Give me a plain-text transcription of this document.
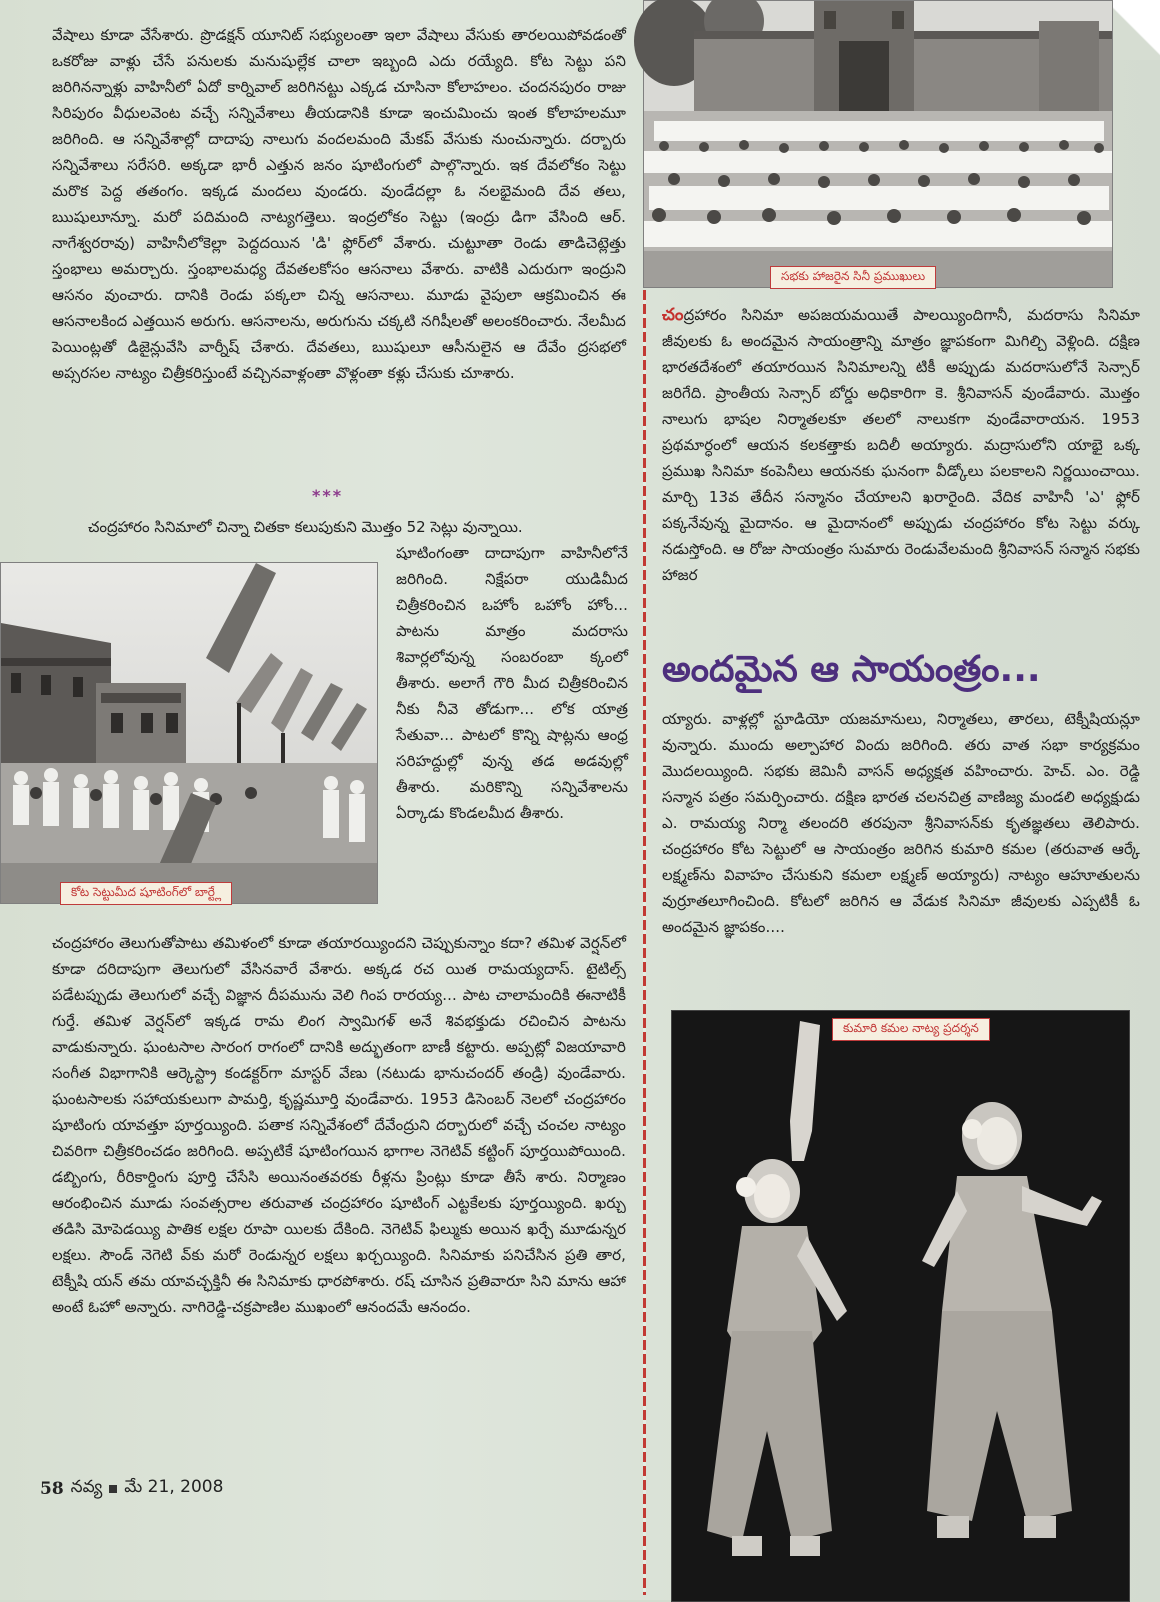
వేషాలు కూడా వేసేశారు. ప్రొడక్షన్ యూనిట్ సభ్యులంతా ఇలా వేషాలు వేసుకు తారలయిపోవడంతో ఒకరోజు వాళ్లు చేసే పనులకు మనుషుల్లేక చాలా ఇబ్బంది ఎదు రయ్యేది. కోట సెట్టు పని జరిగినన్నాళ్లు వాహినీలో ఏదో కార్నివాల్ జరిగినట్టు ఎక్కడ చూసినా కోలాహలం. చందనపురం రాజు సిరిపురం వీధులవెంట వచ్చే సన్నివేశాలు తీయడానికి కూడా ఇంచుమించు ఇంత కోలాహలమూ జరిగింది. ఆ సన్నివేశాల్లో దాదాపు నాలుగు వందలమంది మేకప్ వేసుకు నుంచున్నారు. దర్బారు సన్నివేశాలు సరేసరి. అక్కడా భారీ ఎత్తున జనం షూటింగులో పాల్గొన్నారు. ఇక దేవలోకం సెట్టు మరొక పెద్ద తతంగం. ఇక్కడ మందలు వుండరు. వుండేదల్లా ఓ నలభైమంది దేవ తలు, ఋషులూన్నూ. మరో పదిమంది నాట్యగత్తెలు. ఇంద్రలోకం సెట్టు (ఇంద్రు డిగా వేసింది ఆర్. నాగేశ్వరరావు) వాహినీలోకెల్లా పెద్దదయిన 'డి' ఫ్లోర్‌లో వేశారు. చుట్టూతా రెండు తాడిచెట్లెత్తు స్తంభాలు అమర్చారు. స్తంభాలమధ్య దేవతలకోసం ఆసనాలు వేశారు. వాటికి ఎదురుగా ఇంద్రుని ఆసనం వుంచారు. దానికి రెండు పక్కలా చిన్న ఆసనాలు. మూడు వైపులా ఆక్రమించిన ఈ ఆసనాలకింద ఎత్తయిన అరుగు. ఆసనాలను, అరుగును చక్కటి నగిషీలతో అలంకరించారు. నేలమీద పెయింట్లతో డిజైన్లువేసి వార్నీష్ చేశారు. దేవతలు, ఋషులూ ఆసీనులైన ఆ దేవేం ద్రసభలో అప్సరసల నాట్యం చిత్రీకరిస్తుంటే వచ్చినవాళ్లంతా వొళ్లంతా కళ్లు చేసుకు చూశారు.
***
చంద్రహారం సినిమాలో చిన్నా చితకా కలుపుకుని మొత్తం 52 సెట్లు వున్నాయి.
కోట సెట్టుమీద షూటింగ్‌లో బార్ట్లే
షూటింగంతా దాదాపుగా వాహినీలోనే జరిగింది. నిక్షేపరా యుడిమీద చిత్రీకరించిన ఒహోం ఒహోం హోం... పాటను మాత్రం మదరాసు శివార్లలోవున్న సంబరంబా క్కంలో తీశారు. అలాగే గౌరి మీద చిత్రీకరించిన నీకు నీవె తోడుగా... లోక యాత్ర సేతువా... పాటలో కొన్ని షాట్లను ఆంధ్ర సరిహద్దుల్లో వున్న తడ అడవుల్లో తీశారు. మరికొన్ని సన్నివేశాలను ఏర్కాడు కొండలమీద తీశారు.
చంద్రహారం తెలుగుతోపాటు తమిళంలో కూడా తయారయ్యిందని చెప్పుకున్నాం కదా? తమిళ వెర్షన్‌లో కూడా దరిదాపుగా తెలుగులో వేసినవారే వేశారు. అక్కడ రచ యిత రామయ్యదాస్. టైటిల్స్ పడేటప్పుడు తెలుగులో వచ్చే విజ్ఞాన దీపమును వెలి గింప రారయ్య... పాట చాలామందికి ఈనాటికీ గుర్తే. తమిళ వెర్షన్‌లో ఇక్కడ రామ లింగ స్వామిగళ్ అనే శివభక్తుడు రచించిన పాటను వాడుకున్నారు. ఘంటసాల సారంగ రాగంలో దానికి అద్భుతంగా బాణీ కట్టారు. అప్పట్లో విజయావారి సంగీత విభాగానికి ఆర్కెస్ట్రా కండక్టర్‌గా మాస్టర్ వేణు (నటుడు భానుచందర్ తండ్రి) వుండేవారు. ఘంటసాలకు సహాయకులుగా పామర్తి, కృష్ణమూర్తి వుండేవారు. 1953 డిసెంబర్ నెలలో చంద్రహారం షూటింగు యావత్తూ పూర్తయ్యింది. పతాక సన్నివేశంలో దేవేంద్రుని దర్బారులో వచ్చే చంచల నాట్యం చివరిగా చిత్రీకరించడం జరిగింది. అప్పటికే షూటింగయిన భాగాల నెగెటివ్ కట్టింగ్ పూర్తయిపోయింది. డబ్బింగు, రీరికార్డింగు పూర్తి చేసేసి అయినంతవరకు రీళ్లను ప్రింట్లు కూడా తీసే శారు. నిర్మాణం ఆరంభించిన మూడు సంవత్సరాల తరువాత చంద్రహారం షూటింగ్ ఎట్టకేలకు పూర్తయ్యింది. ఖర్చు తడిసి మోపెడయ్యి పాతిక లక్షల రూపా యిలకు దేకింది. నెగెటివ్ ఫిల్ముకు అయిన ఖర్చే మూడున్నర లక్షలు. సౌండ్ నెగెటి వ్‌కు మరో రెండున్నర లక్షలు ఖర్చయ్యింది. సినిమాకు పనిచేసిన ప్రతి తార, టెక్నీషి యన్ తమ యావచ్ఛక్తినీ ఈ సినిమాకు ధారపోశారు. రష్ చూసిన ప్రతివారూ సిని మాను ఆహా అంటే ఓహో అన్నారు. నాగిరెడ్డి-చక్రపాణిల ముఖంలో ఆనందమే ఆనందం.
58 నవ్య మే 21, 2008
సభకు హాజరైన సినీ ప్రముఖులు
చంద్రహారం సినిమా అపజయమయితే పాలయ్యిందిగానీ, మదరాసు సినిమా జీవులకు ఓ అందమైన సాయంత్రాన్ని మాత్రం జ్ఞాపకంగా మిగిల్చి వెళ్లింది. దక్షిణ భారతదేశంలో తయారయిన సినిమాలన్ని టికీ అప్పుడు మదరాసులోనే సెన్సార్ జరిగేది. ప్రాంతీయ సెన్సార్ బోర్డు అధికారిగా కె. శ్రీనివాసన్ వుండేవారు. మొత్తం నాలుగు భాషల నిర్మాతలకూ తలలో నాలుకగా వుండేవారాయన. 1953 ప్రథమార్ధంలో ఆయన కలకత్తాకు బదిలీ అయ్యారు. మద్రాసులోని యాభై ఒక్క ప్రముఖ సినిమా కంపెనీలు ఆయనకు ఘనంగా వీడ్కోలు పలకాలని నిర్ణయించాయి. మార్చి 13వ తేదీన సన్మానం చేయాలని ఖరారైంది. వేదిక వాహినీ 'ఎ' ఫ్లోర్ పక్కనేవున్న మైదానం. ఆ మైదానంలో అప్పుడు చంద్రహారం కోట సెట్టు వర్కు నడుస్తోంది. ఆ రోజు సాయంత్రం సుమారు రెండువేలమంది శ్రీనివాసన్ సన్మాన సభకు హాజర
అందమైన ఆ సాయంత్రం...
య్యారు. వాళ్లల్లో స్టూడియో యజమానులు, నిర్మాతలు, తారలు, టెక్నీషియన్లూ వున్నారు. ముందు అల్పాహార విందు జరిగింది. తరు వాత సభా కార్యక్రమం మొదలయ్యింది. సభకు జెమినీ వాసన్ అధ్యక్షత వహించారు. హెచ్. ఎం. రెడ్డి సన్మాన పత్రం సమర్పించారు. దక్షిణ భారత చలనచిత్ర వాణిజ్య మండలి అధ్యక్షుడు ఎ. రామయ్య నిర్మా తలందరి తరపునా శ్రీనివాసన్‌కు కృతజ్ఞతలు తెలిపారు. చంద్రహారం కోట సెట్టులో ఆ సాయంత్రం జరిగిన కుమారి కమల (తరువాత ఆర్కే లక్ష్మణ్‌ను వివాహం చేసుకుని కమలా లక్ష్మణ్ అయ్యారు) నాట్యం ఆహూతులను వుర్రూతలూగించింది. కోటలో జరిగిన ఆ వేడుక సినిమా జీవులకు ఎప్పటికీ ఓ అందమైన జ్ఞాపకం....
కుమారి కమల నాట్య ప్రదర్శన
